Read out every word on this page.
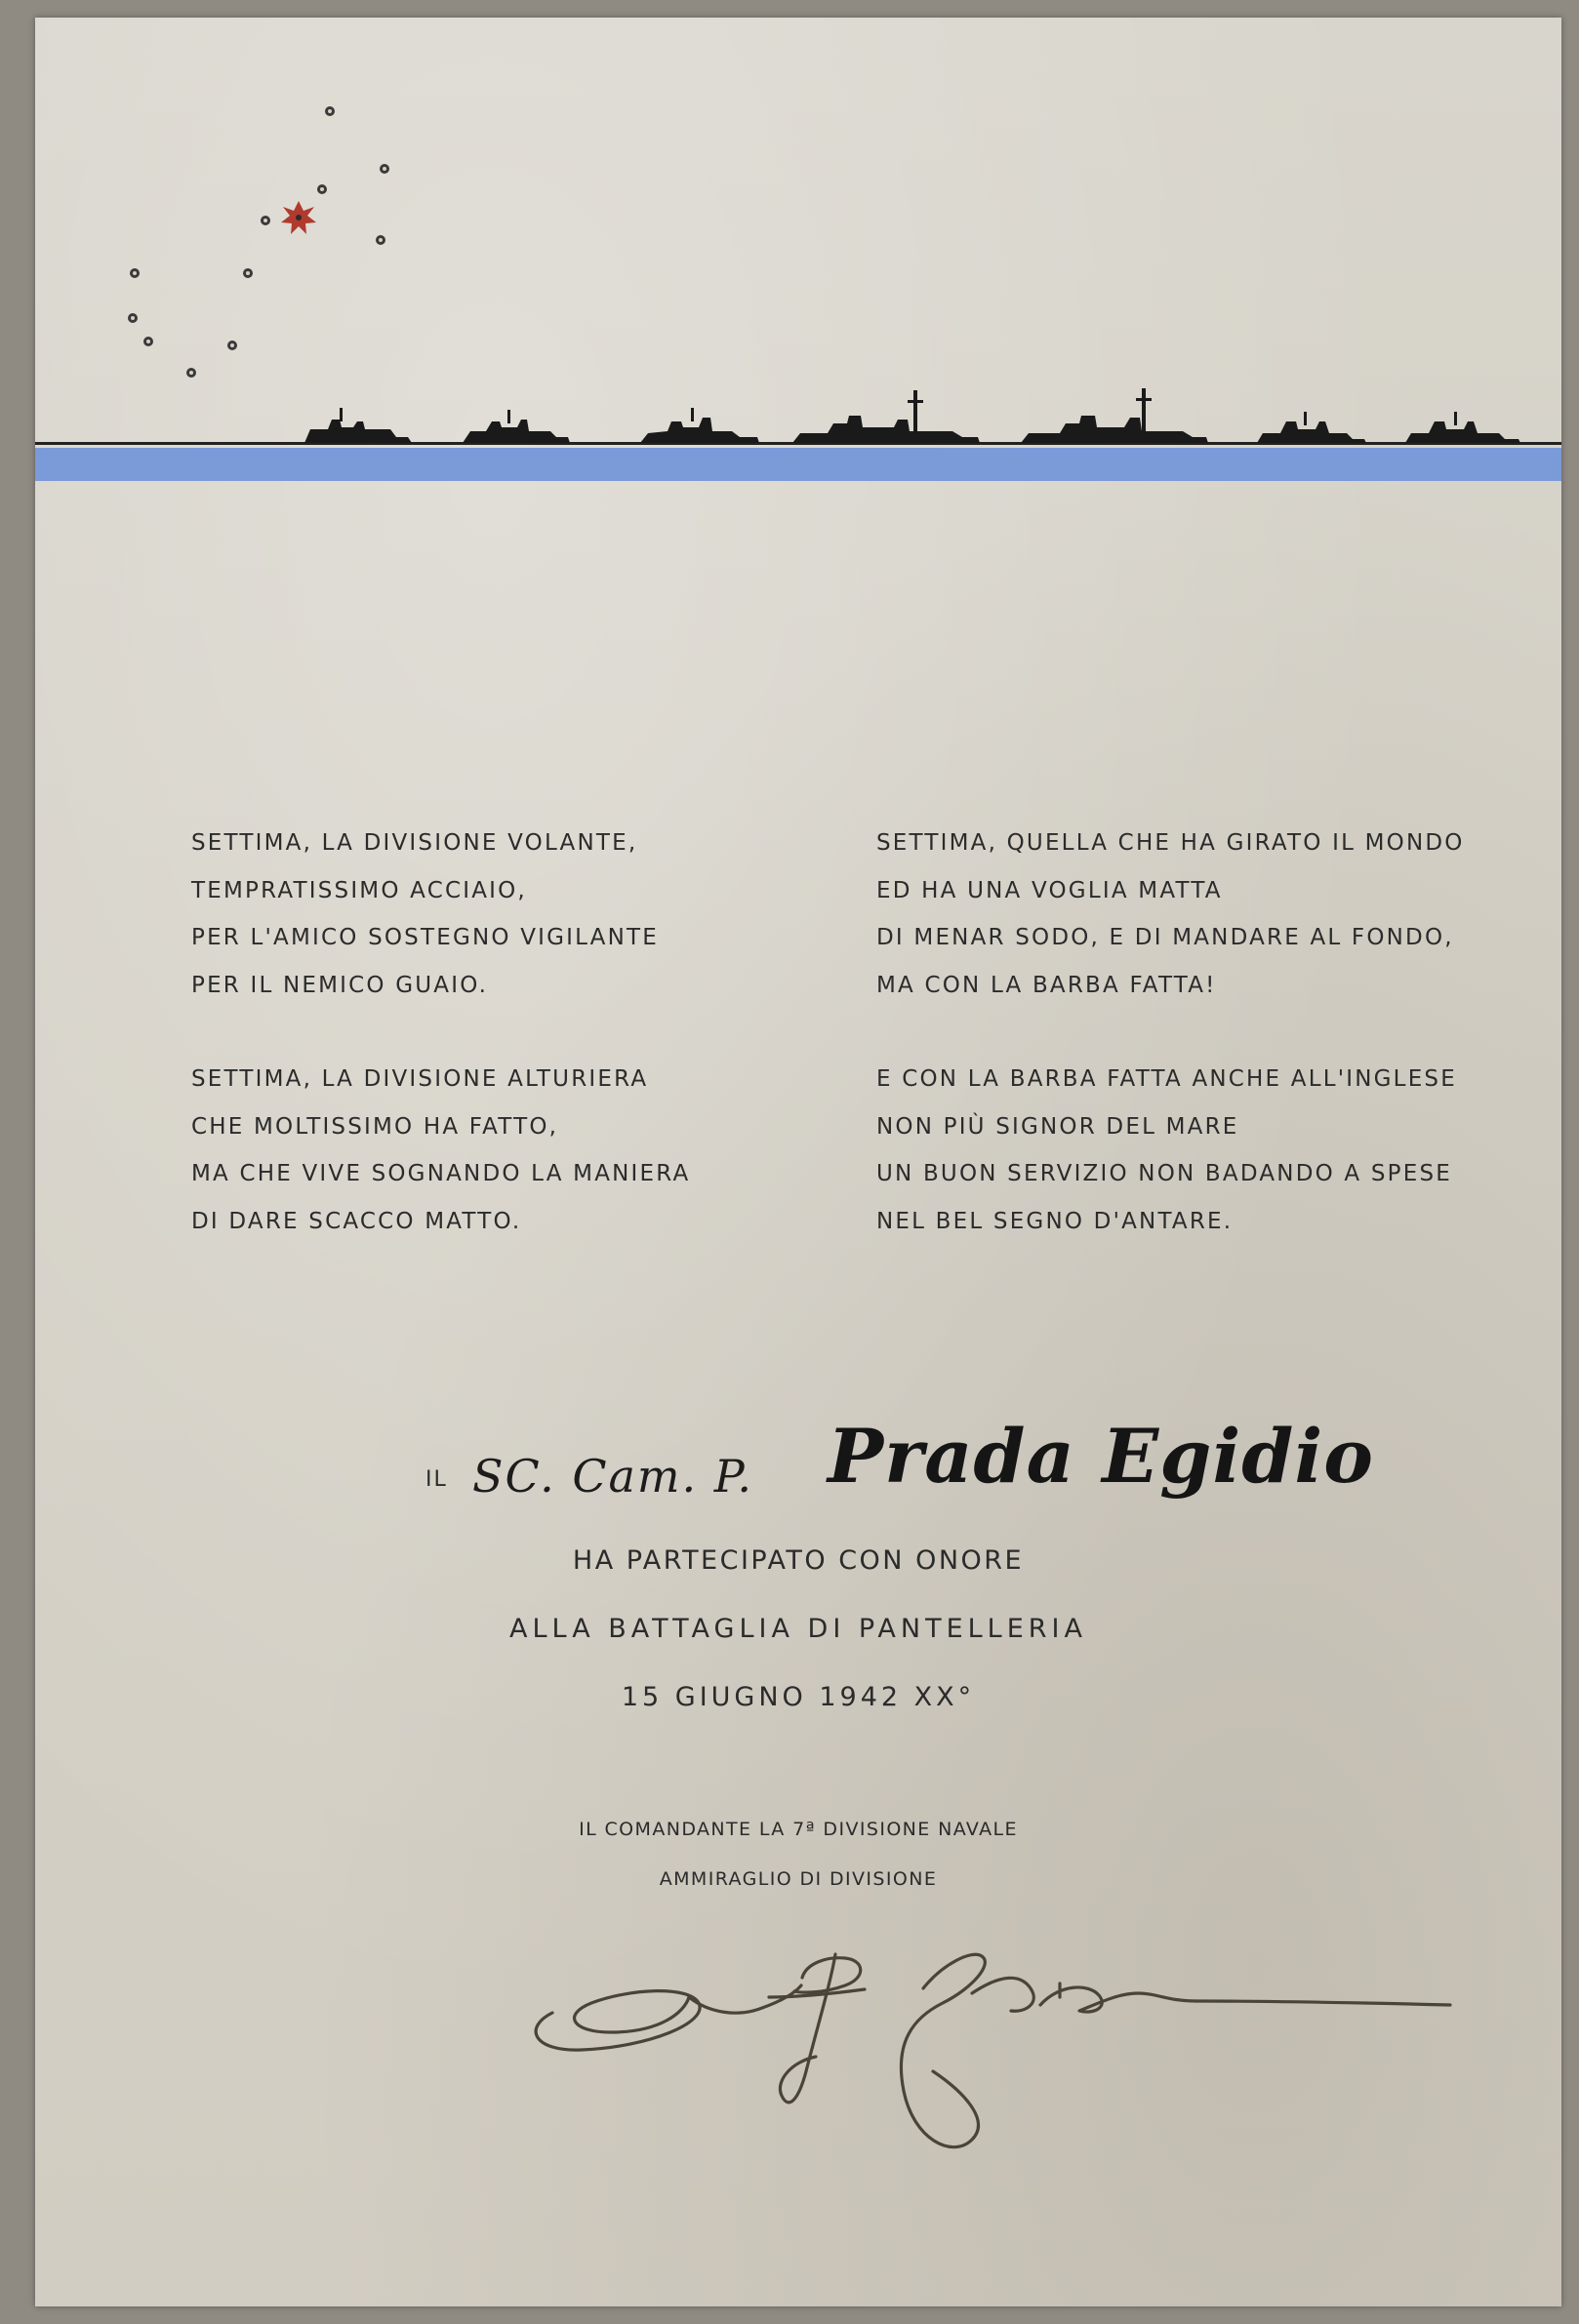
SETTIMA, LA DIVISIONE VOLANTE,
TEMPRATISSIMO ACCIAIO,
PER L'AMICO SOSTEGNO VIGILANTE
PER IL NEMICO GUAIO.
SETTIMA, LA DIVISIONE ALTURIERA
CHE MOLTISSIMO HA FATTO,
MA CHE VIVE SOGNANDO LA MANIERA
DI DARE SCACCO MATTO.
SETTIMA, QUELLA CHE HA GIRATO IL MONDO
ED HA UNA VOGLIA MATTA
DI MENAR SODO, E DI MANDARE AL FONDO,
MA CON LA BARBA FATTA!
E CON LA BARBA FATTA ANCHE ALL'INGLESE
NON PIÙ SIGNOR DEL MARE
UN BUON SERVIZIO NON BADANDO A SPESE
NEL BEL SEGNO D'ANTARE.
IL SC. Cam. P. Prada Egidio
HA PARTECIPATO CON ONORE
ALLA BATTAGLIA DI PANTELLERIA
15 GIUGNO 1942 XX°
IL COMANDANTE LA 7ª DIVISIONE NAVALE
AMMIRAGLIO DI DIVISIONE
